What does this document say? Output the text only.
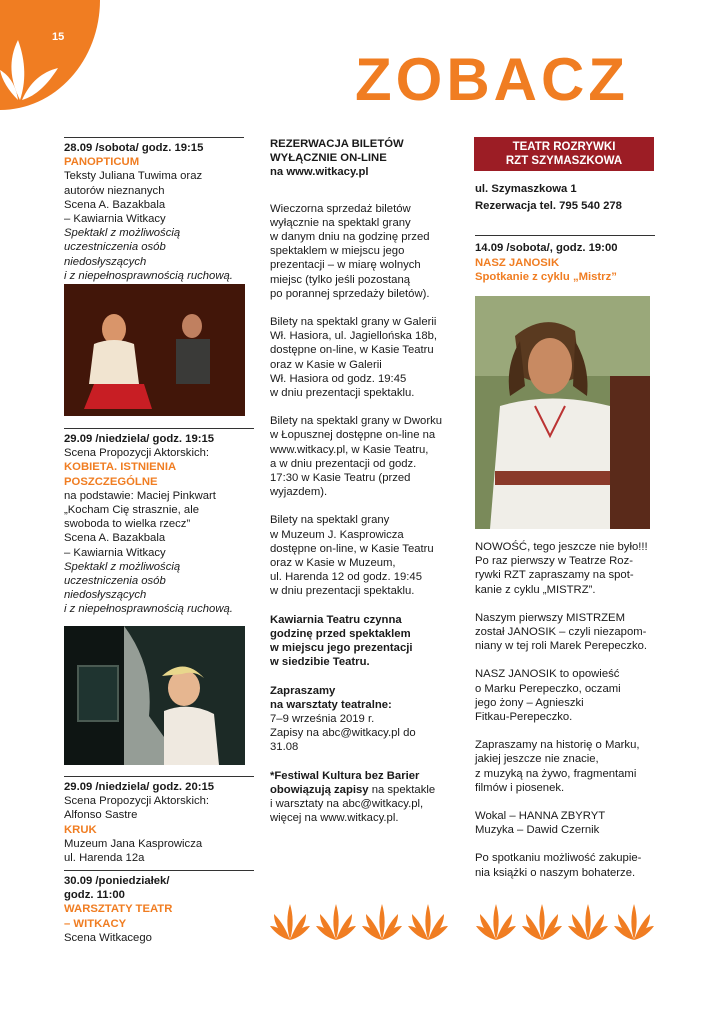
15
ZOBACZ

28.09 /sobota/ godz. 19:15

PANOPTICUM

Teksty Juliana Tuwima oraz

autorów nieznanych

Scena A. Bazakbala

– Kawiarnia Witkacy

Spektakl z możliwością

uczestniczenia osób

niedosłyszących

i z niepełnosprawnością ruchową.

29.09 /niedziela/ godz. 19:15

Scena Propozycji Aktorskich:

KOBIETA. ISTNIENIA

POSZCZEGÓLNE

na podstawie: Maciej Pinkwart

„Kocham Cię strasznie, ale

swoboda to wielka rzecz”

Scena A. Bazakbala

– Kawiarnia Witkacy

Spektakl z możliwością

uczestniczenia osób

niedosłyszących

i z niepełnosprawnością ruchową.

29.09 /niedziela/ godz. 20:15

Scena Propozycji Aktorskich:

Alfonso Sastre

KRUK

Muzeum Jana Kasprowicza

ul. Harenda 12a

30.09 /poniedziałek/

godz. 11:00

WARSZTATY TEATR

– WITKACY

Scena Witkacego

REZERWACJA BILETÓW

WYŁĄCZNIE ON-LINE

na www.witkacy.pl

Wieczorna sprzedaż biletów

wyłącznie na spektakl grany

w danym dniu na godzinę przed

spektaklem w miejscu jego

prezentacji – w miarę wolnych

miejsc (tylko jeśli pozostaną

po porannej sprzedaży biletów).

Bilety na spektakl grany w Galerii

Wł. Hasiora, ul. Jagiellońska 18b,

dostępne on-line, w Kasie Teatru

oraz w Kasie w Galerii

Wł. Hasiora od godz. 19:45

w dniu prezentacji spektaklu.

Bilety na spektakl grany w Dworku

w Łopusznej dostępne on-line na

www.witkacy.pl, w Kasie Teatru,

a w dniu prezentacji od godz.

17:30 w Kasie Teatru (przed

wyjazdem).

Bilety na spektakl grany

w Muzeum J. Kasprowicza

dostępne on-line, w Kasie Teatru

oraz w Kasie w Muzeum,

ul. Harenda 12 od godz. 19:45

w dniu prezentacji spektaklu.

Kawiarnia Teatru czynna

godzinę przed spektaklem

w miejscu jego prezentacji

w siedzibie Teatru.

Zapraszamy

na warsztaty teatralne:

7–9 września 2019 r.

Zapisy na abc@witkacy.pl do

31.08

*Festiwal Kultura bez Barier

obowiązują zapisy na spektakle

i warsztaty na abc@witkacy.pl,

więcej na www.witkacy.pl.

TEATR ROZRYWKI

RZT SZYMASZKOWA

ul. Szymaszkowa 1

Rezerwacja tel. 795 540 278

14.09 /sobota/, godz. 19:00

NASZ JANOSIK

Spotkanie z cyklu „Mistrz”

NOWOŚĆ, tego jeszcze nie było!!!

Po raz pierwszy w Teatrze Roz-

rywki RZT zapraszamy na spot-

kanie z cyklu „MISTRZ”.

Naszym pierwszy MISTRZEM

został JANOSIK – czyli niezapom-

niany w tej roli Marek Perepeczko.

NASZ JANOSIK to opowieść

o Marku Perepeczko, oczami

jego żony – Agnieszki

Fitkau-Perepeczko.

Zapraszamy na historię o Marku,

jakiej jeszcze nie znacie,

z muzyką na żywo, fragmentami

filmów i piosenek.

Wokal – HANNA ZBYRYT

Muzyka – Dawid Czernik

Po spotkaniu możliwość zakupie-

nia książki o naszym bohaterze.
